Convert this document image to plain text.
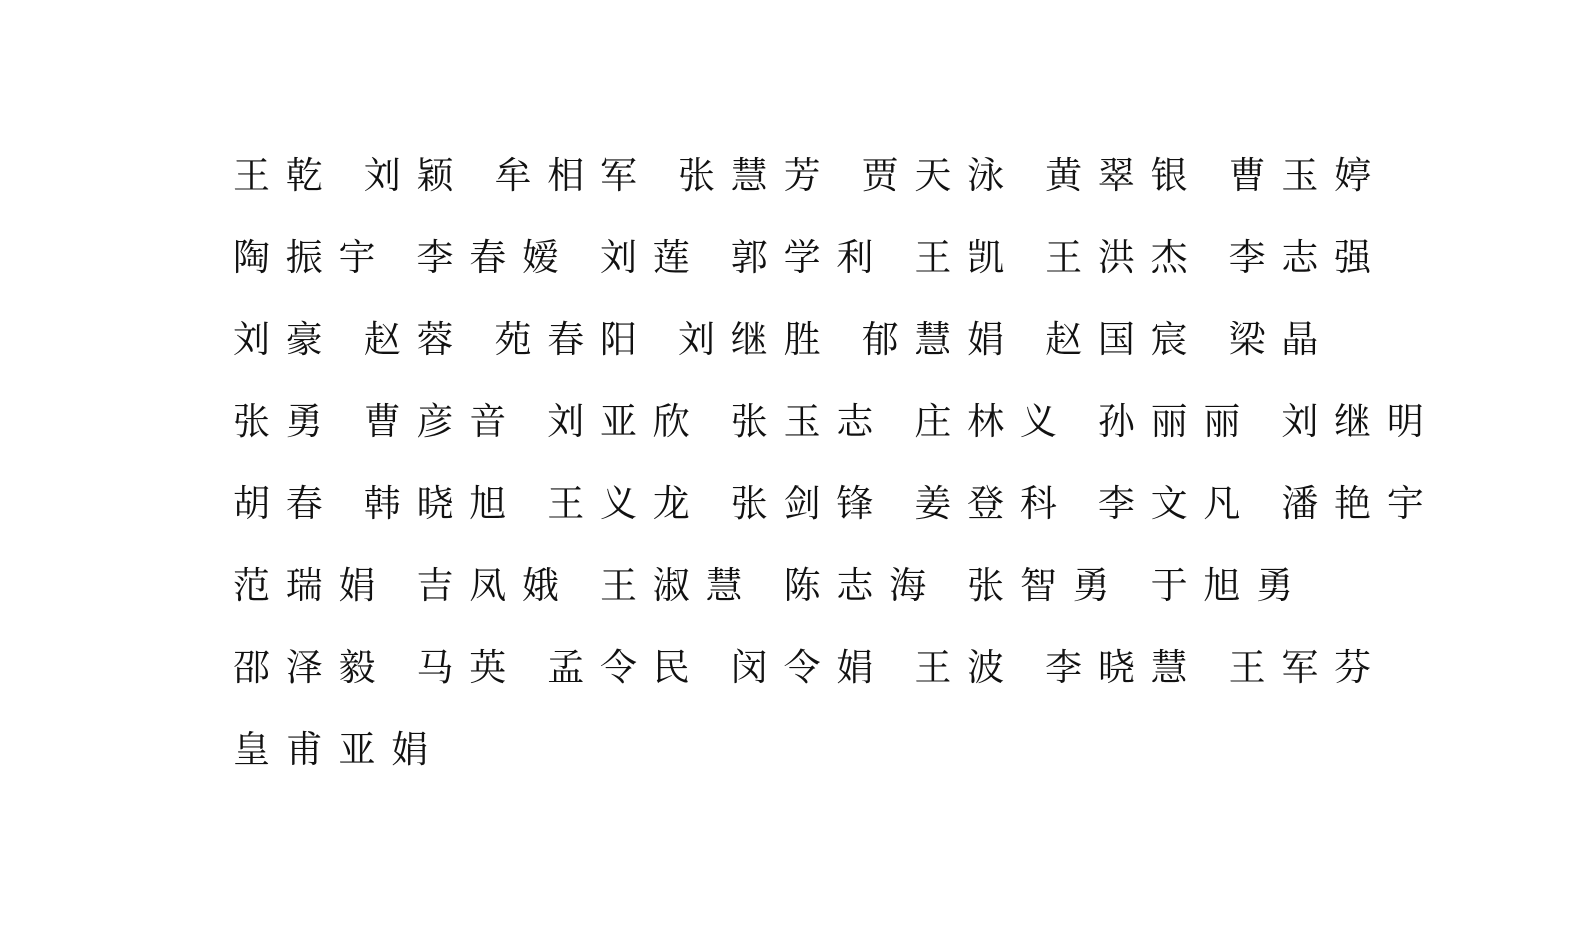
王 乾　刘 颖　牟 相 军　张 慧 芳　贾 天 泳　黄 翠 银　曹 玉 婷
陶 振 宇　李 春 嫒　刘 莲　郭 学 利　王 凯　王 洪 杰　李 志 强
刘 豪　赵 蓉　苑 春 阳　刘 继 胜　郁 慧 娟　赵 国 宸　梁 晶
张 勇　曹 彦 音　刘 亚 欣　张 玉 志　庄 林 义　孙 丽 丽　刘 继 明
胡 春　韩 晓 旭　王 义 龙　张 剑 锋　姜 登 科　李 文 凡　潘 艳 宇
范 瑞 娟　吉 凤 娥　王 淑 慧　陈 志 海　张 智 勇　于 旭 勇
邵 泽 毅　马 英　孟 令 民　闵 令 娟　王 波　李 晓 慧　王 军 芬
皇 甫 亚 娟
